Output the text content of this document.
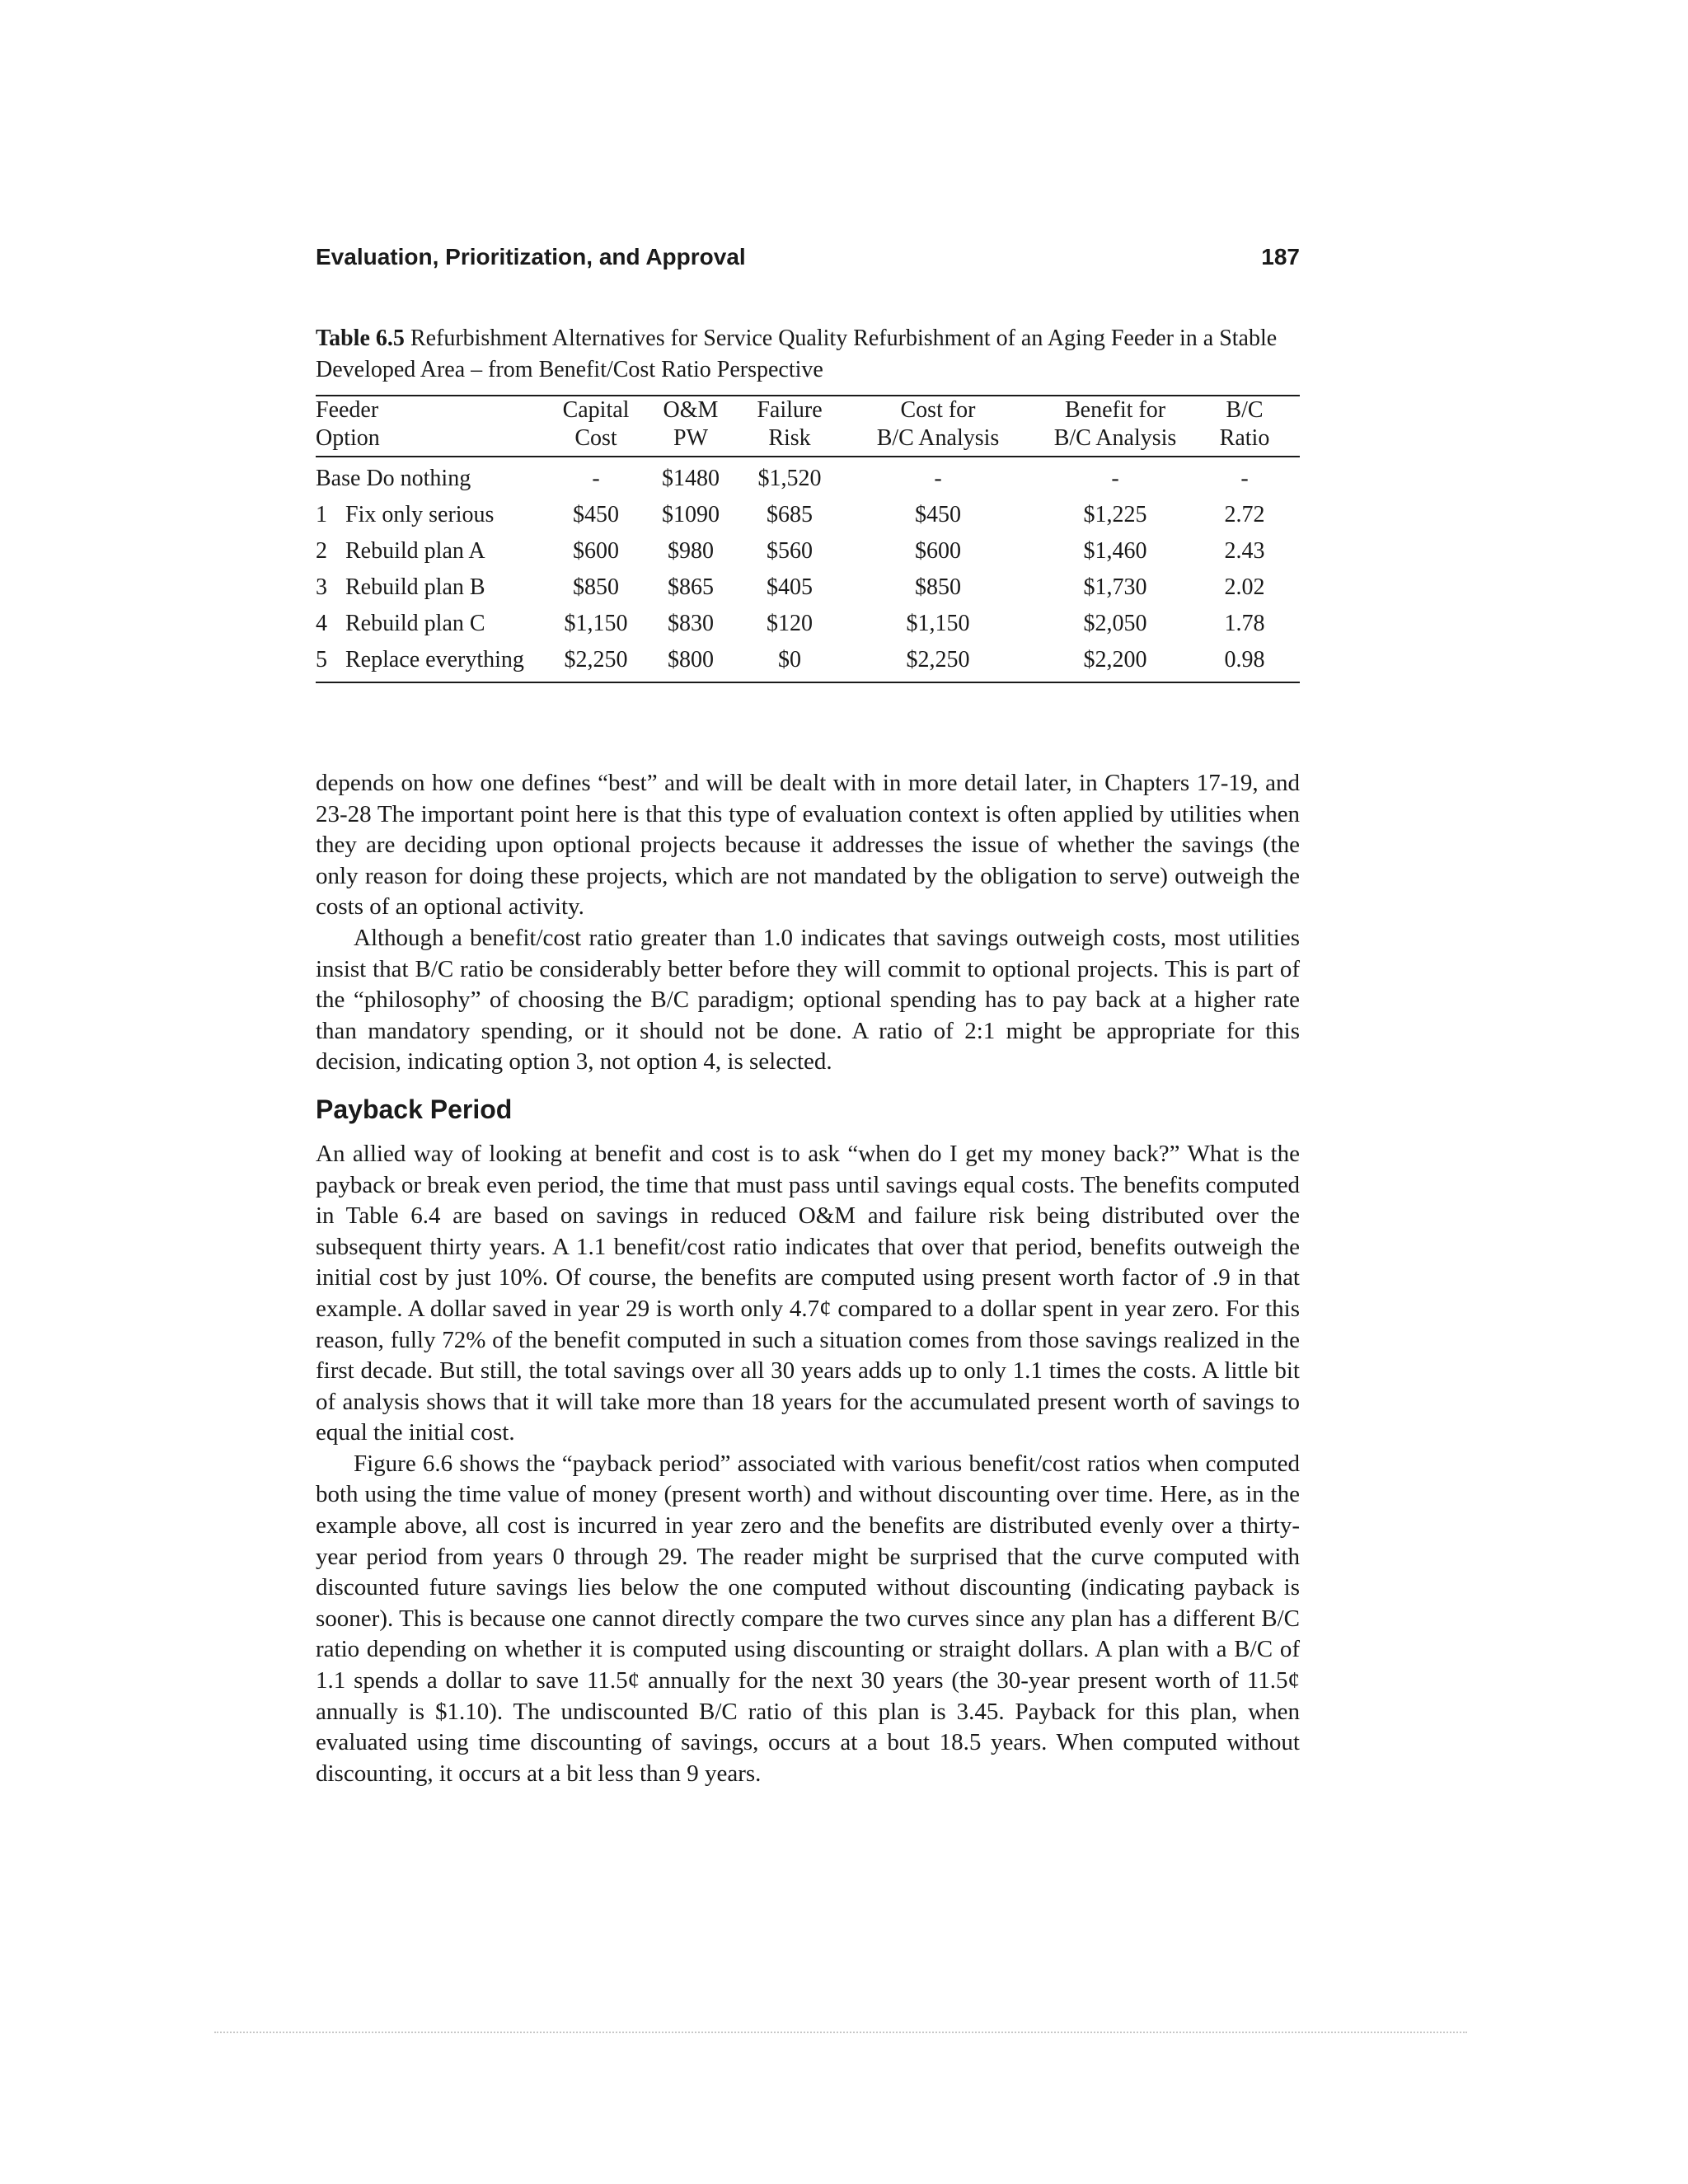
Evaluation, Prioritization, and Approval	187
Table 6.5 Refurbishment Alternatives for Service Quality Refurbishment of an Aging Feeder in a Stable Developed Area – from Benefit/Cost Ratio Perspective
Feeder	Capital	O&M	Failure	Cost for	Benefit for	B/C
Option	Cost	PW	Risk	B/C Analysis	B/C Analysis	Ratio
Base Do nothing	-	$1480	$1,520	-	-	-
1 Fix only serious	$450	$1090	$685	$450	$1,225	2.72
2 Rebuild plan A	$600	$980	$560	$600	$1,460	2.43
3 Rebuild plan B	$850	$865	$405	$850	$1,730	2.02
4 Rebuild plan C	$1,150	$830	$120	$1,150	$2,050	1.78
5 Replace everything	$2,250	$800	$0	$2,250	$2,200	0.98

depends on how one defines “best” and will be dealt with in more detail later, in Chapters 17-19, and 23-28 The important point here is that this type of evaluation context is often applied by utilities when they are deciding upon optional projects because it addresses the issue of whether the savings (the only reason for doing these projects, which are not mandated by the obligation to serve) outweigh the costs of an optional activity.

Although a benefit/cost ratio greater than 1.0 indicates that savings outweigh costs, most utilities insist that B/C ratio be considerably better before they will commit to optional projects. This is part of the “philosophy” of choosing the B/C paradigm; optional spending has to pay back at a higher rate than mandatory spending, or it should not be done. A ratio of 2:1 might be appropriate for this decision, indicating option 3, not option 4, is selected.

Payback Period

An allied way of looking at benefit and cost is to ask “when do I get my money back?” What is the payback or break even period, the time that must pass until savings equal costs. The benefits computed in Table 6.4 are based on savings in reduced O&M and failure risk being distributed over the subsequent thirty years. A 1.1 benefit/cost ratio indicates that over that period, benefits outweigh the initial cost by just 10%. Of course, the benefits are computed using present worth factor of .9 in that example. A dollar saved in year 29 is worth only 4.7¢ compared to a dollar spent in year zero. For this reason, fully 72% of the benefit computed in such a situation comes from those savings realized in the first decade. But still, the total savings over all 30 years adds up to only 1.1 times the costs. A little bit of analysis shows that it will take more than 18 years for the accumulated present worth of savings to equal the initial cost.

Figure 6.6 shows the “payback period” associated with various benefit/cost ratios when computed both using the time value of money (present worth) and without discounting over time. Here, as in the example above, all cost is incurred in year zero and the benefits are distributed evenly over a thirty-year period from years 0 through 29. The reader might be surprised that the curve computed with discounted future savings lies below the one computed without discounting (indicating payback is sooner). This is because one cannot directly compare the two curves since any plan has a different B/C ratio depending on whether it is computed using discounting or straight dollars. A plan with a B/C of 1.1 spends a dollar to save 11.5¢ annually for the next 30 years (the 30-year present worth of 11.5¢ annually is $1.10). The undiscounted B/C ratio of this plan is 3.45. Payback for this plan, when evaluated using time discounting of savings, occurs at a bout 18.5 years. When computed without discounting, it occurs at a bit less than 9 years.
